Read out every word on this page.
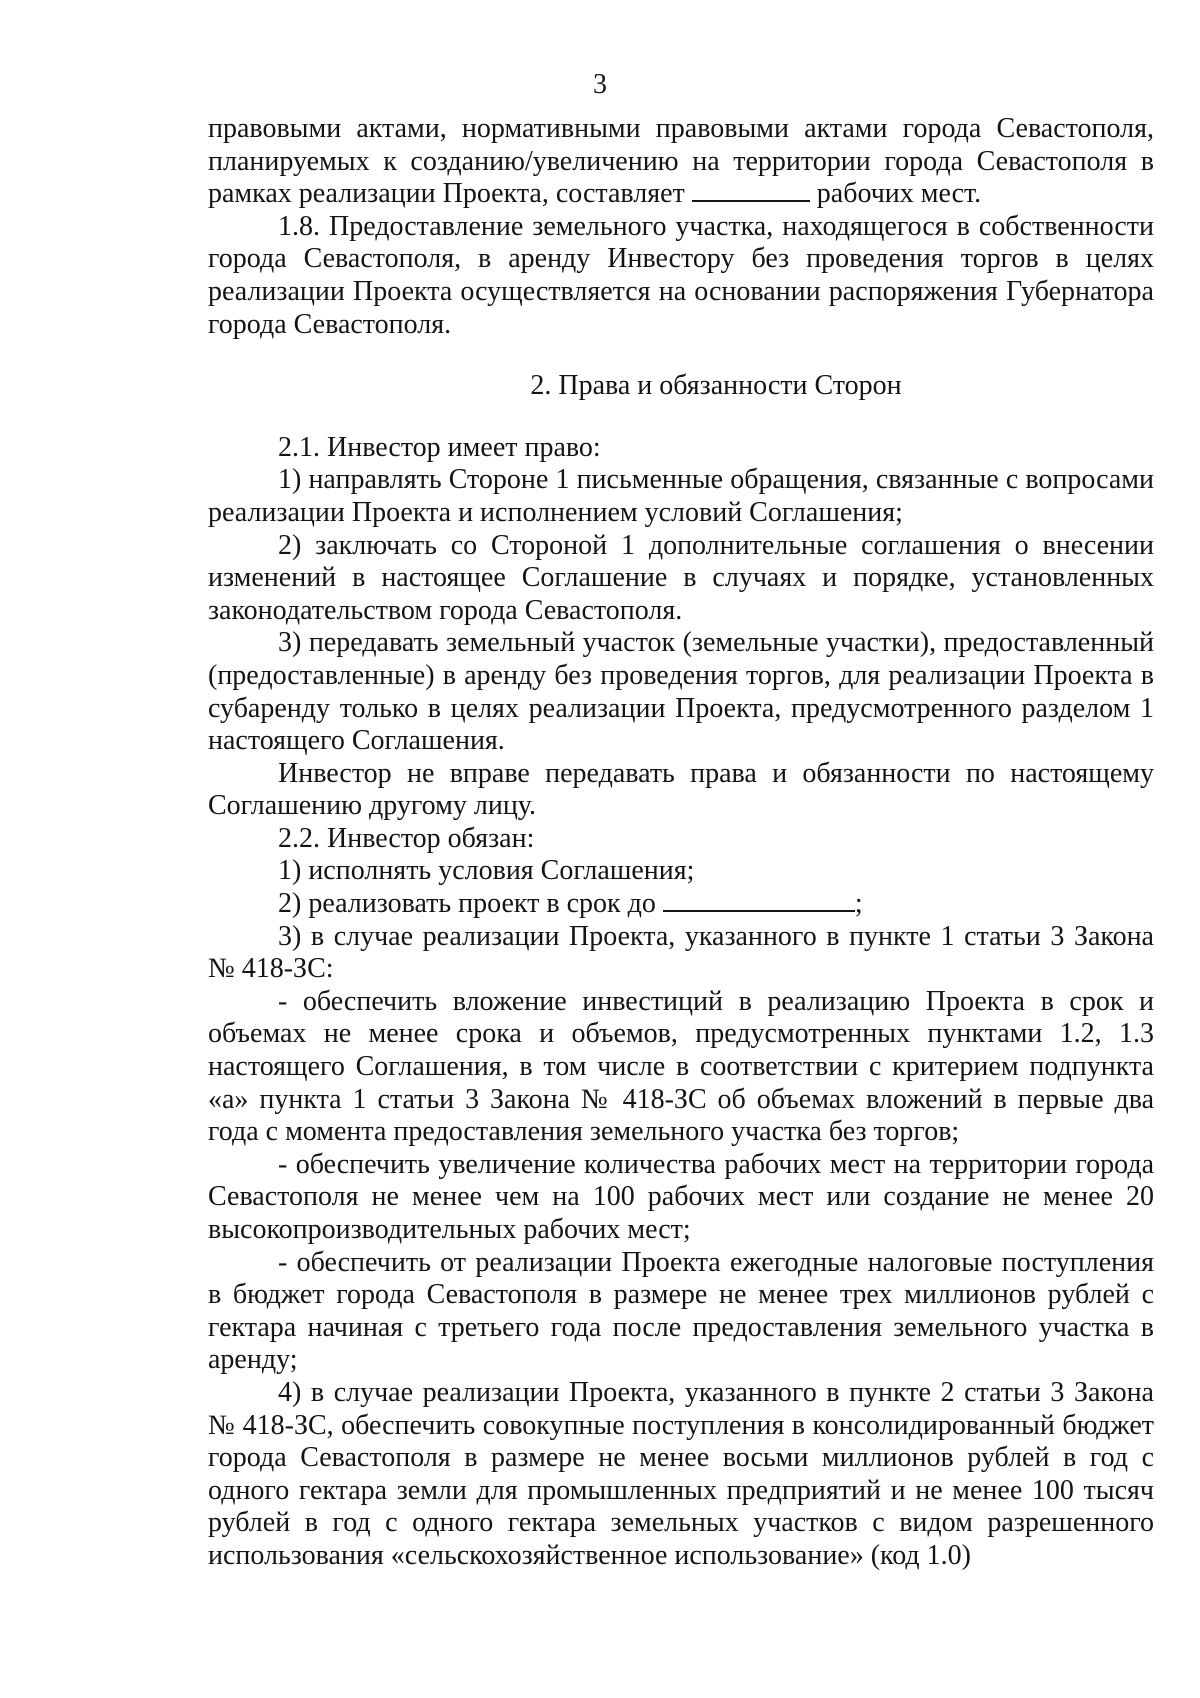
3

правовыми актами, нормативными правовыми актами города Севастополя, планируемых к созданию/увеличению на территории города Севастополя в рамках реализации Проекта, составляет	рабочих мест.

1.8. Предоставление земельного участка, находящегося в собственности города Севастополя, в аренду Инвестору без проведения торгов в целях реализации Проекта осуществляется на основании распоряжения Губернатора города Севастополя.

2. Права и обязанности Сторон

2.1. Инвестор имеет право:

1) направлять Стороне 1 письменные обращения, связанные с вопросами реализации Проекта и исполнением условий Соглашения;

2) заключать со Стороной 1 дополнительные соглашения о внесении изменений в настоящее Соглашение в случаях и порядке, установленных законодательством города Севастополя.

3) передавать земельный участок (земельные участки), предоставленный (предоставленные) в аренду без проведения торгов, для реализации Проекта в субаренду только в целях реализации Проекта, предусмотренного разделом 1 настоящего Соглашения.

Инвестор не вправе передавать права и обязанности по настоящему Соглашению другому лицу.

2.2. Инвестор обязан:

1) исполнять условия Соглашения;

2) реализовать проект в срок до	;

3) в случае реализации Проекта, указанного в пункте 1 статьи 3 Закона № 418-ЗС:

- обеспечить вложение инвестиций в реализацию Проекта в срок и объемах не менее срока и объемов, предусмотренных пунктами 1.2, 1.3 настоящего Соглашения, в том числе в соответствии с критерием подпункта «а» пункта 1 статьи 3 Закона № 418-ЗС об объемах вложений в первые два года с момента предоставления земельного участка без торгов;

- обеспечить увеличение количества рабочих мест на территории города Севастополя не менее чем на 100 рабочих мест или создание не менее 20 высокопроизводительных рабочих мест;

- обеспечить от реализации Проекта ежегодные налоговые поступления в бюджет города Севастополя в размере не менее трех миллионов рублей с гектара начиная с третьего года после предоставления земельного участка в аренду;

4) в случае реализации Проекта, указанного в пункте 2 статьи 3 Закона № 418-ЗС, обеспечить совокупные поступления в консолидированный бюджет города Севастополя в размере не менее восьми миллионов рублей в год с одного гектара земли для промышленных предприятий и не менее 100 тысяч рублей в год с одного гектара земельных участков с видом разрешенного использования «сельскохозяйственное использование» (код 1.0)
